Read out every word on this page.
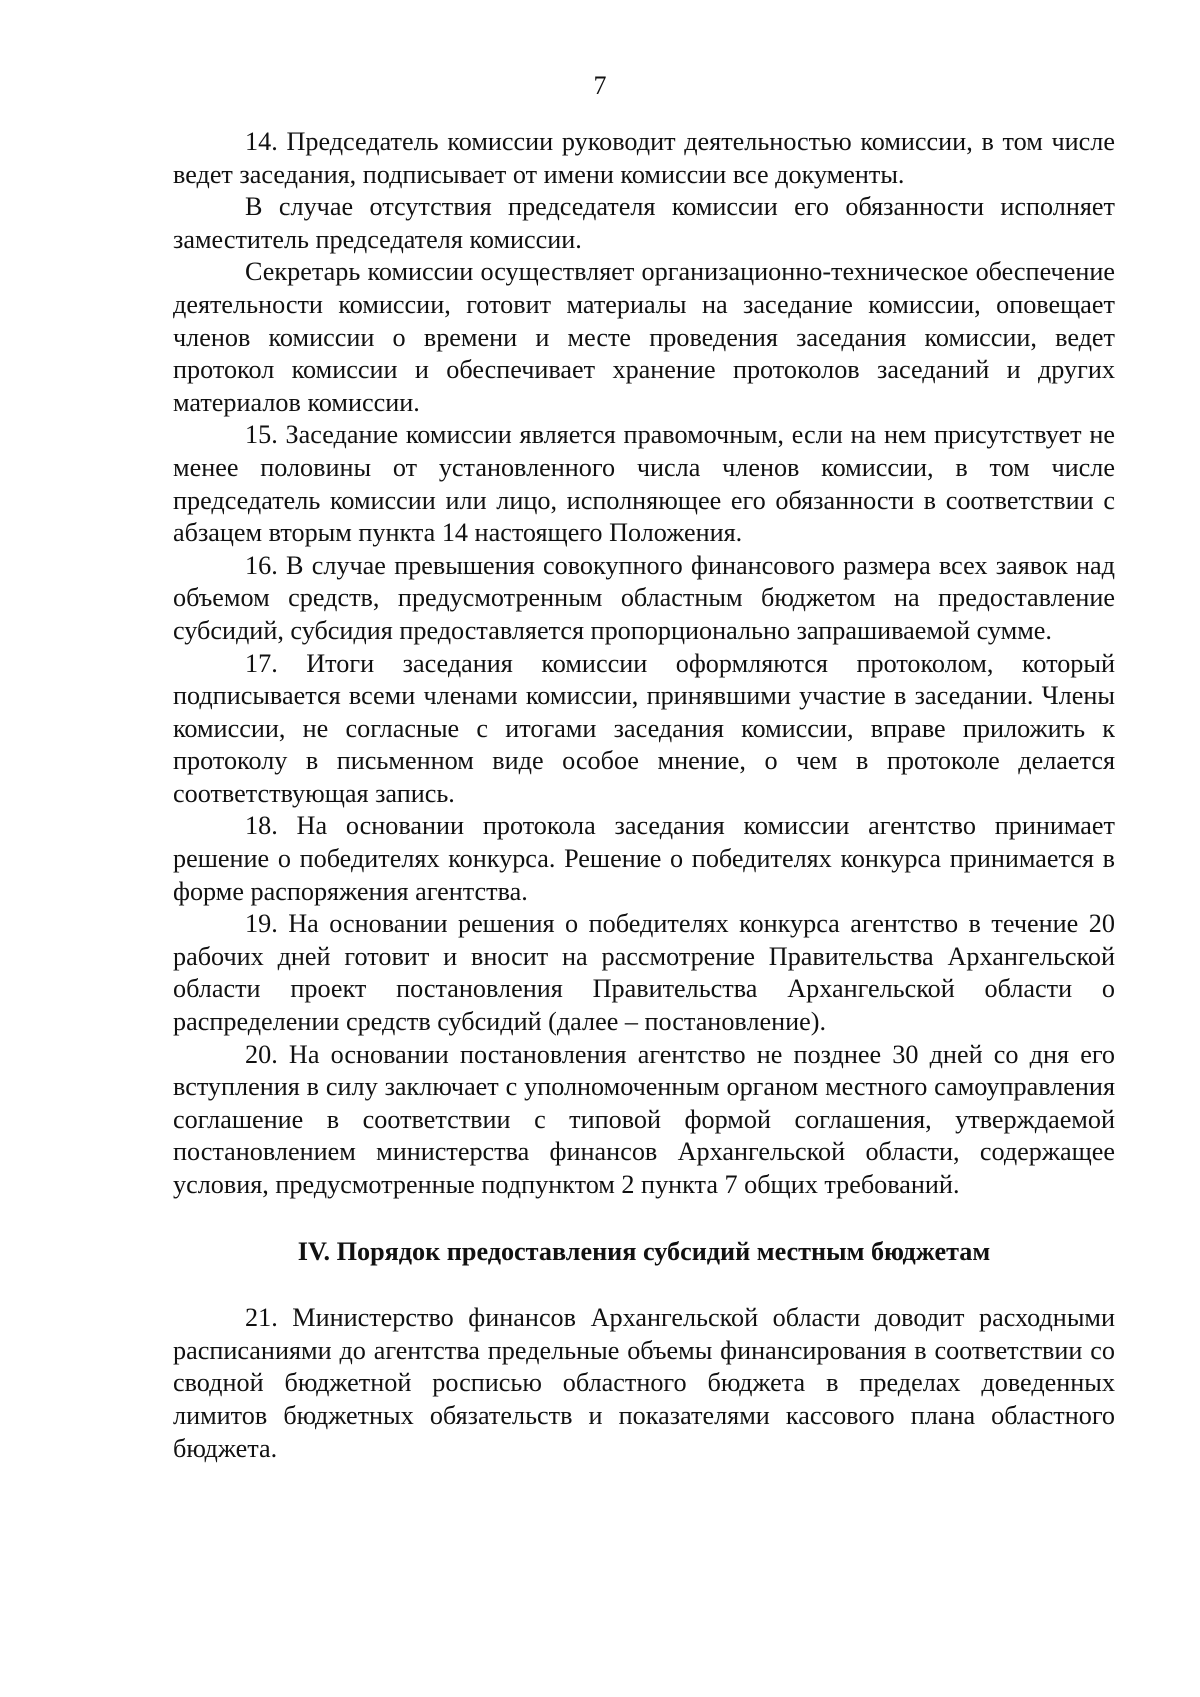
7

14. Председатель комиссии руководит деятельностью комиссии, в том числе ведет заседания, подписывает от имени комиссии все документы.

В случае отсутствия председателя комиссии его обязанности исполняет заместитель председателя комиссии.

Секретарь комиссии осуществляет организационно-техническое обеспечение деятельности комиссии, готовит материалы на заседание комиссии, оповещает членов комиссии о времени и месте проведения заседания комиссии, ведет протокол комиссии и обеспечивает хранение протоколов заседаний и других материалов комиссии.

15. Заседание комиссии является правомочным, если на нем присутствует не менее половины от установленного числа членов комиссии, в том числе председатель комиссии или лицо, исполняющее его обязанности в соответствии с абзацем вторым пункта 14 настоящего Положения.

16. В случае превышения совокупного финансового размера всех заявок над объемом средств, предусмотренным областным бюджетом на предоставление субсидий, субсидия предоставляется пропорционально запрашиваемой сумме.

17. Итоги заседания комиссии оформляются протоколом, который подписывается всеми членами комиссии, принявшими участие в заседании. Члены комиссии, не согласные с итогами заседания комиссии, вправе приложить к протоколу в письменном виде особое мнение, о чем в протоколе делается соответствующая запись.

18. На основании протокола заседания комиссии агентство принимает решение о победителях конкурса. Решение о победителях конкурса принимается в форме распоряжения агентства.

19. На основании решения о победителях конкурса агентство в течение 20 рабочих дней готовит и вносит на рассмотрение Правительства Архангельской области проект постановления Правительства Архангельской области о распределении средств субсидий (далее – постановление).

20. На основании постановления агентство не позднее 30 дней со дня его вступления в силу заключает с уполномоченным органом местного самоуправления соглашение в соответствии с типовой формой соглашения, утверждаемой постановлением министерства финансов Архангельской области, содержащее условия, предусмотренные подпунктом 2 пункта 7 общих требований.

IV. Порядок предоставления субсидий местным бюджетам

21. Министерство финансов Архангельской области доводит расходными расписаниями до агентства предельные объемы финансирования в соответствии со сводной бюджетной росписью областного бюджета в пределах доведенных лимитов бюджетных обязательств и показателями кассового плана областного бюджета.
